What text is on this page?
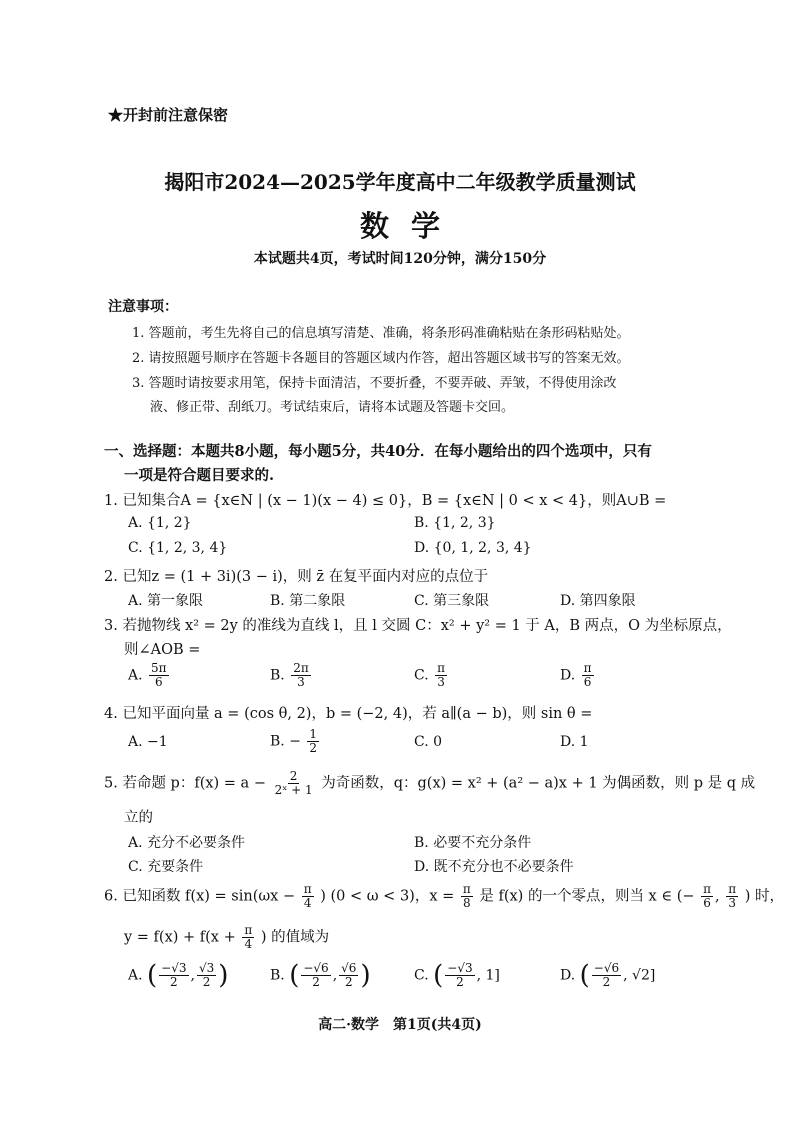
★开封前注意保密
揭阳市2024—2025学年度高中二年级教学质量测试
数学
本试题共4页，考试时间120分钟，满分150分
注意事项：
1. 答题前，考生先将自己的信息填写清楚、准确，将条形码准确粘贴在条形码粘贴处。
2. 请按照题号顺序在答题卡各题目的答题区域内作答，超出答题区域书写的答案无效。
3. 答题时请按要求用笔，保持卡面清洁，不要折叠，不要弄破、弄皱，不得使用涂改
液、修正带、刮纸刀。考试结束后，请将本试题及答题卡交回。
一、选择题：本题共8小题，每小题5分，共40分．在每小题给出的四个选项中，只有
一项是符合题目要求的.
1. 已知集合A = {x∈N | (x − 1)(x − 4) ≤ 0}，B = {x∈N | 0 < x < 4}，则A∪B =
A. {1, 2}	B. {1, 2, 3}
C. {1, 2, 3, 4}	D. {0, 1, 2, 3, 4}
2. 已知z = (1 + 3i)(3 − i)，则 z̄ 在复平面内对应的点位于
A. 第一象限	B. 第二象限	C. 第三象限	D. 第四象限
3. 若抛物线 x² = 2y 的准线为直线 l，且 l 交圆 C：x² + y² = 1 于 A，B 两点，O 为坐标原点，
则∠AOB =
A. $\frac{5\pi}{6}$	B. $\frac{2\pi}{3}$	C. $\frac{\pi}{3}$	D. $\frac{\pi}{6}$
4. 已知平面向量 a = (cos θ, 2)，b = (−2, 4)，若 a∥(a − b)，则 sin θ =
A. −1	B. − $\frac{1}{2}$	C. 0	D. 1
5. 若命题 p：$f(x) = a - \frac{2}{\text{2ˣ + 1}}$ 为奇函数，q：g(x) = x² + (a² − a)x + 1 为偶函数，则 p 是 q 成
立的
A. 充分不必要条件	B. 必要不充分条件
C. 充要条件	D. 既不充分也不必要条件
6. 已知函数 $f(x) = \sin(\omega x - \frac{\pi}{4}$ ) (0 < ω < 3)，$x = \frac{\pi}{8}$ 是 f(x) 的一个零点，则当 x ∈ (− $\frac{\pi}{6}$ , $\frac{\pi}{3}$ ) 时，
$y = f(x) + f(x + \frac{\pi}{4}$ ) 的值域为
A. ( $\frac{-√3}{2}$ , $\frac{√3}{2}$ )	B. ( $\frac{-√6}{2}$ , $\frac{√6}{2}$ )	C. ( $\frac{-√3}{2}$ , 1]	D. ( $\frac{-√6}{2}$ , √2]
高二·数学　第1页(共4页)
